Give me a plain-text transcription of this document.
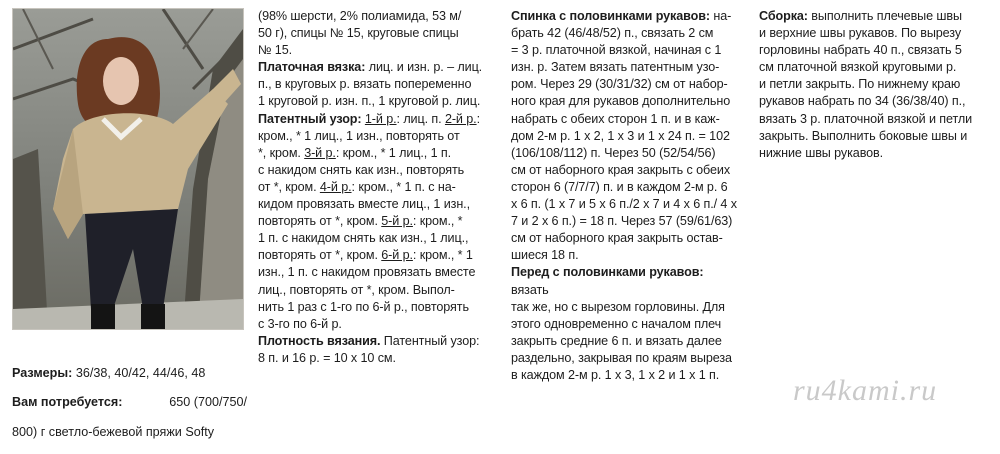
Размеры: 36/38, 40/42, 44/46, 48

Вам потребуется:	650 (700/750/

800) г светло-бежевой пряжи Softy

(98% шерсти, 2% полиамида, 53 м/

50 г), спицы № 15, круговые спицы

№ 15.

Платочная вязка: лиц. и изн. р. – лиц.

п., в круговых р. вязать попеременно

1 круговой р. изн. п., 1 круговой р. лиц.

Патентный узор: 1-й р.: лиц. п. 2-й р.:

кром., * 1 лиц., 1 изн., повторять от

*, кром. 3-й р.: кром., * 1 лиц., 1 п.

с накидом снять как изн., повторять

от *, кром. 4-й р.: кром., * 1 п. с на-

кидом провязать вместе лиц., 1 изн.,

повторять от *, кром. 5-й р.: кром., *

1 п. с накидом снять как изн., 1 лиц.,

повторять от *, кром. 6-й р.: кром., * 1

изн., 1 п. с накидом провязать вместе

лиц., повторять от *, кром. Выпол-

нить 1 раз с 1-го по 6-й р., повторять

с 3-го по 6-й р.

Плотность вязания. Патентный узор:

8 п. и 16 р. = 10 х 10 см.

Спинка с половинками рукавов: на-

брать 42 (46/48/52) п., связать 2 см

= 3 р. платочной вязкой, начиная с 1

изн. р. Затем вязать патентным узо-

ром. Через 29 (30/31/32) см от набор-

ного края для рукавов дополнительно

набрать с обеих сторон 1 п. и в каж-

дом 2-м р. 1 х 2, 1 х 3 и 1 х 24 п. = 102

(106/108/112) п. Через 50 (52/54/56)

см от наборного края закрыть с обеих

сторон 6 (7/7/7) п. и в каждом 2-м р. 6

х 6 п. (1 х 7 и 5 х 6 п./2 х 7 и 4 х 6 п./ 4 х

7 и 2 х 6 п.) = 18 п. Через 57 (59/61/63)

см от наборного края закрыть остав-

шиеся 18 п.

Перед с половинками рукавов: вязать

так же, но с вырезом горловины. Для

этого одновременно с началом плеч

закрыть средние 6 п. и вязать далее

раздельно, закрывая по краям выреза

в каждом 2-м р. 1 х 3, 1 х 2 и 1 х 1 п.

Сборка: выполнить плечевые швы

и верхние швы рукавов. По вырезу

горловины набрать 40 п., связать 5

см платочной вязкой круговыми р.

и петли закрыть. По нижнему краю

рукавов набрать по 34 (36/38/40) п.,

вязать 3 р. платочной вязкой и петли

закрыть. Выполнить боковые швы и

нижние швы рукавов.

ru4kami.ru
